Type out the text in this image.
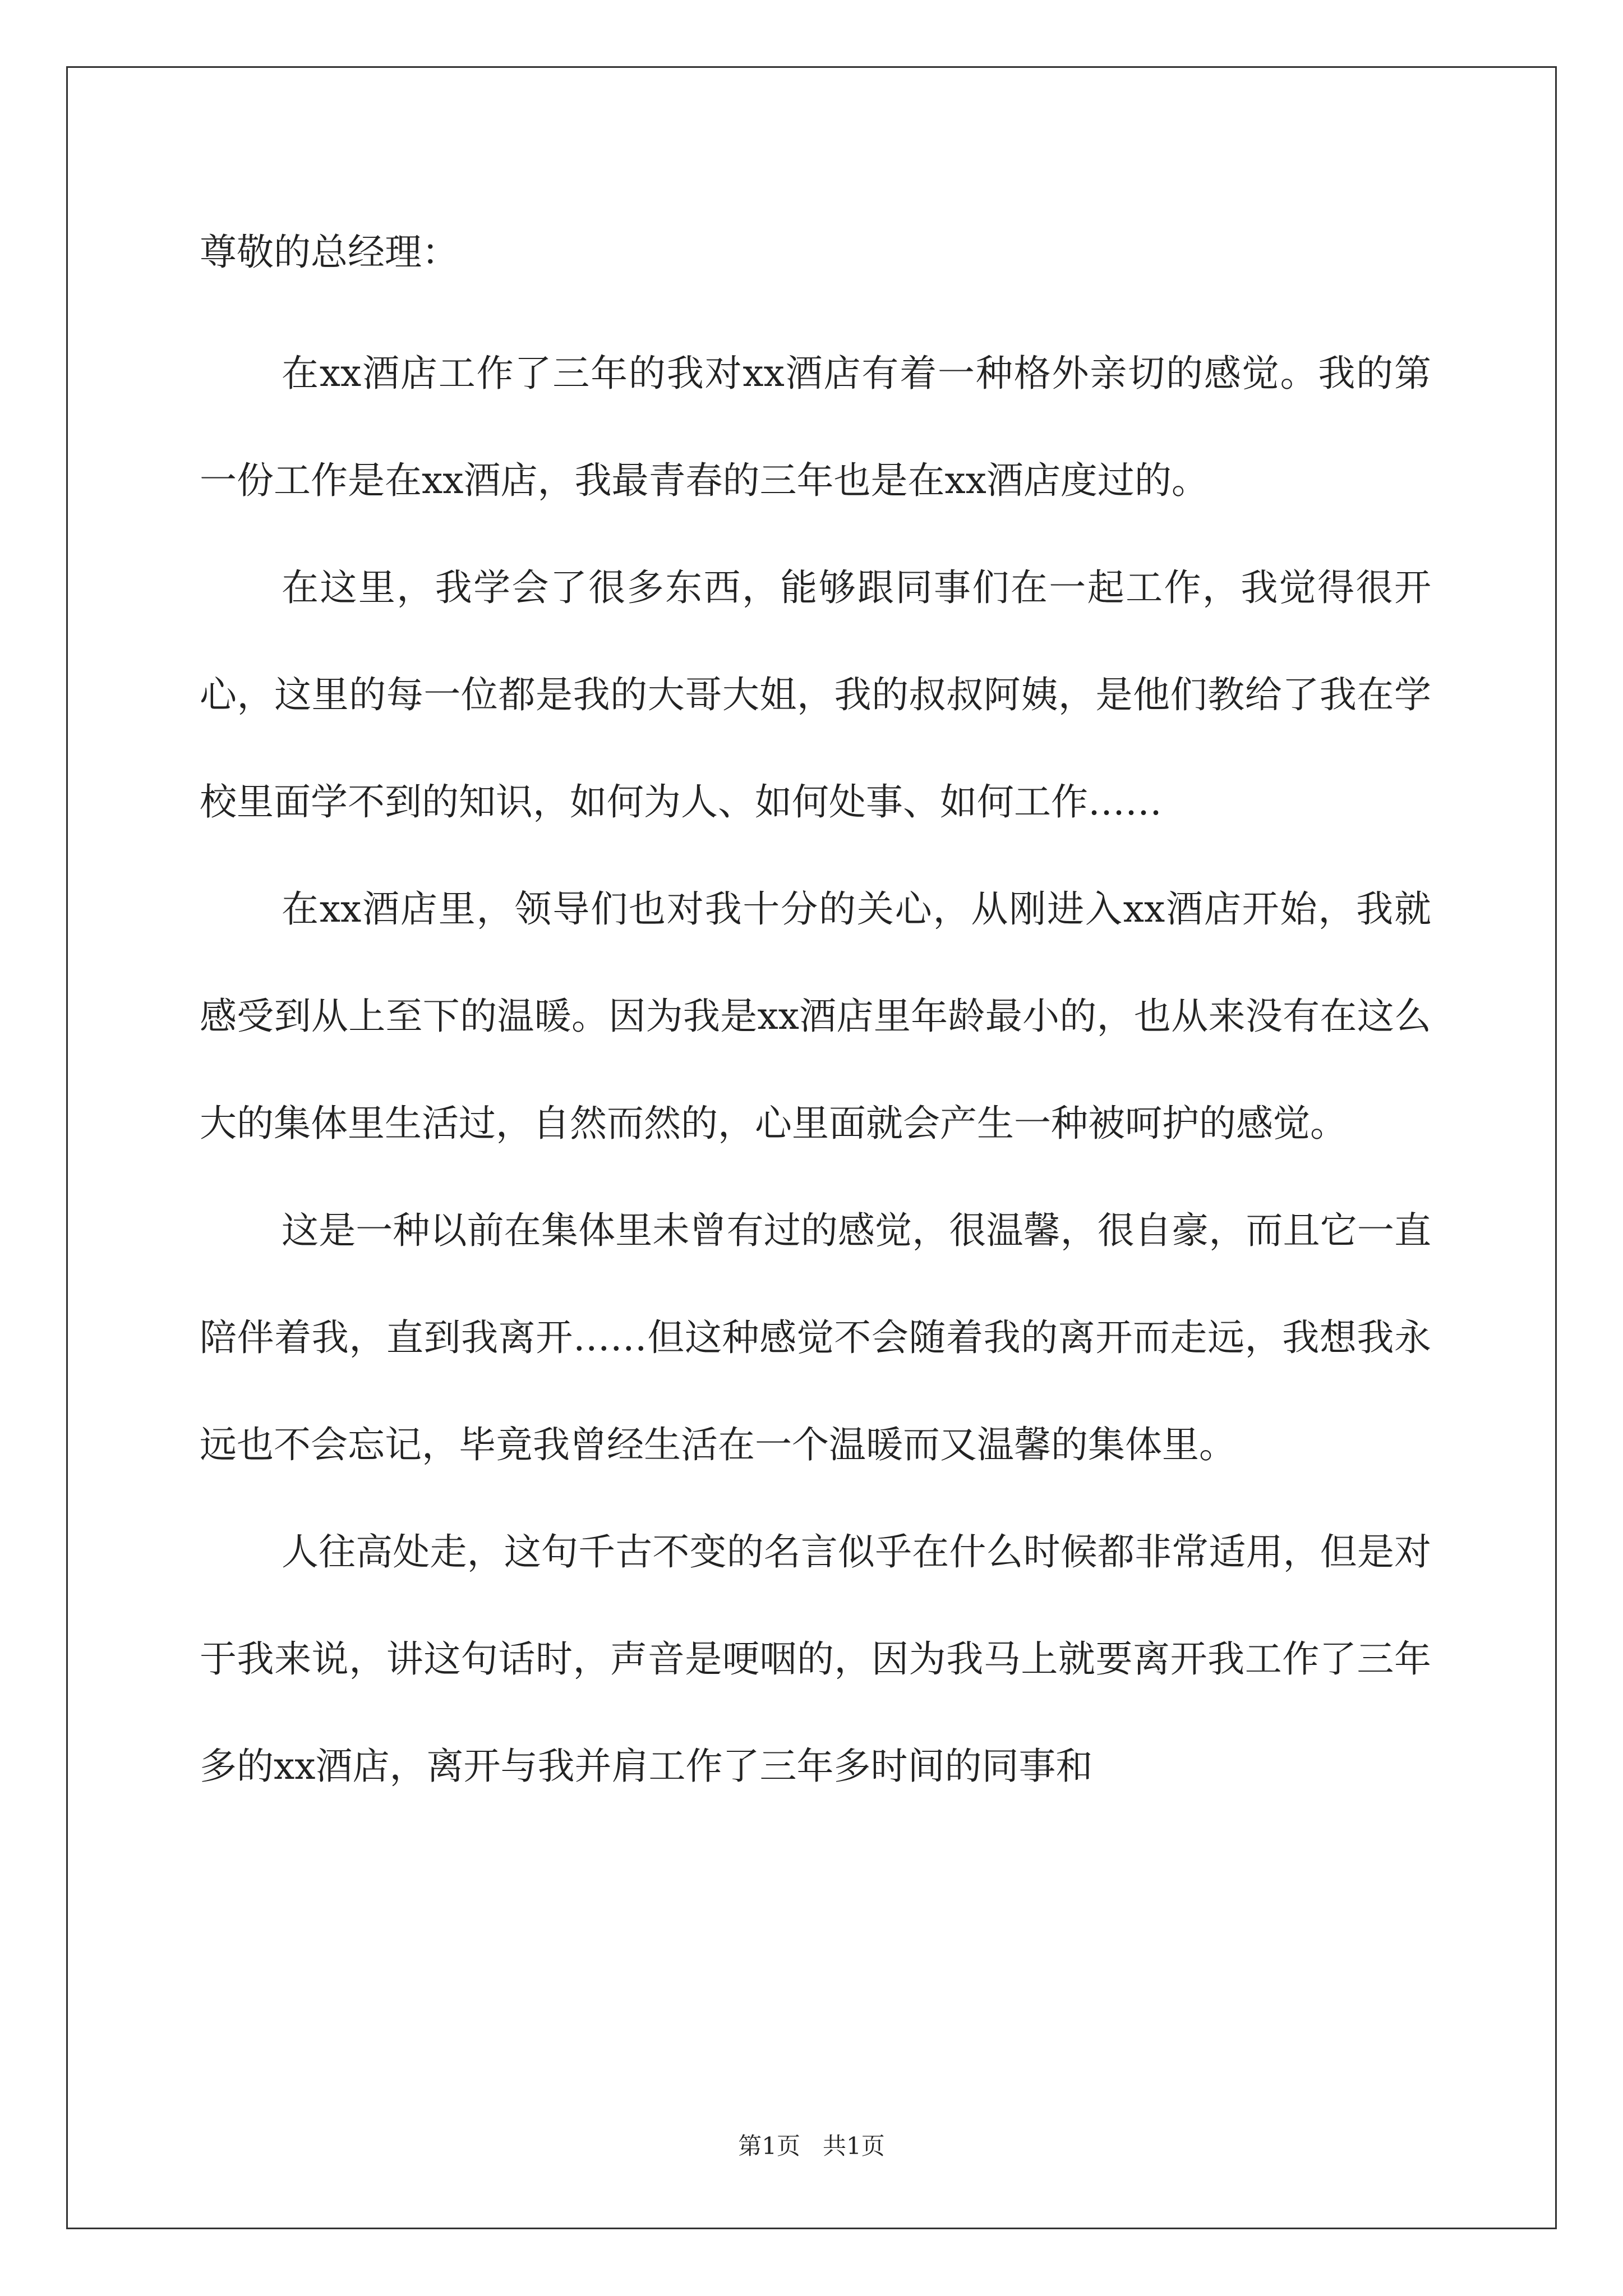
尊敬的总经理：

在xx酒店工作了三年的我对xx酒店有着一种格外亲切的感觉。我的第一份工作是在xx酒店，我最青春的三年也是在xx酒店度过的。

在这里，我学会了很多东西，能够跟同事们在一起工作，我觉得很开心，这里的每一位都是我的大哥大姐，我的叔叔阿姨，是他们教给了我在学校里面学不到的知识，如何为人、如何处事、如何工作……

在xx酒店里，领导们也对我十分的关心，从刚进入xx酒店开始，我就感受到从上至下的温暖。因为我是xx酒店里年龄最小的，也从来没有在这么大的集体里生活过，自然而然的，心里面就会产生一种被呵护的感觉。

这是一种以前在集体里未曾有过的感觉，很温馨，很自豪，而且它一直陪伴着我，直到我离开……但这种感觉不会随着我的离开而走远，我想我永远也不会忘记，毕竟我曾经生活在一个温暖而又温馨的集体里。

人往高处走，这句千古不变的名言似乎在什么时候都非常适用，但是对于我来说，讲这句话时，声音是哽咽的，因为我马上就要离开我工作了三年多的xx酒店，离开与我并肩工作了三年多时间的同事和

第1页 共1页
